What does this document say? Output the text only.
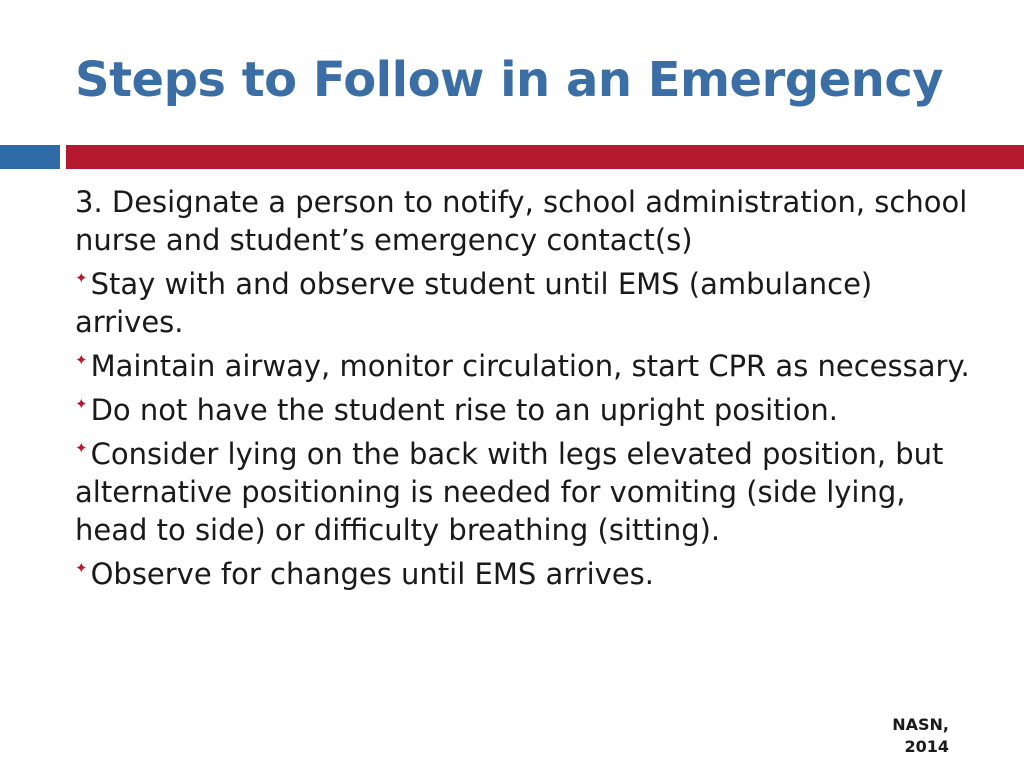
Steps to Follow in an Emergency

3. Designate a person to notify, school administration, school nurse and student’s emergency contact(s)

✦ Stay with and observe student until EMS (ambulance) arrives.
✦ Maintain airway, monitor circulation, start CPR as necessary.
✦ Do not have the student rise to an upright position.
✦ Consider lying on the back with legs elevated position, but alternative positioning is needed for vomiting (side lying, head to side) or difficulty breathing (sitting).
✦ Observe for changes until EMS arrives.
NASN,
2014
